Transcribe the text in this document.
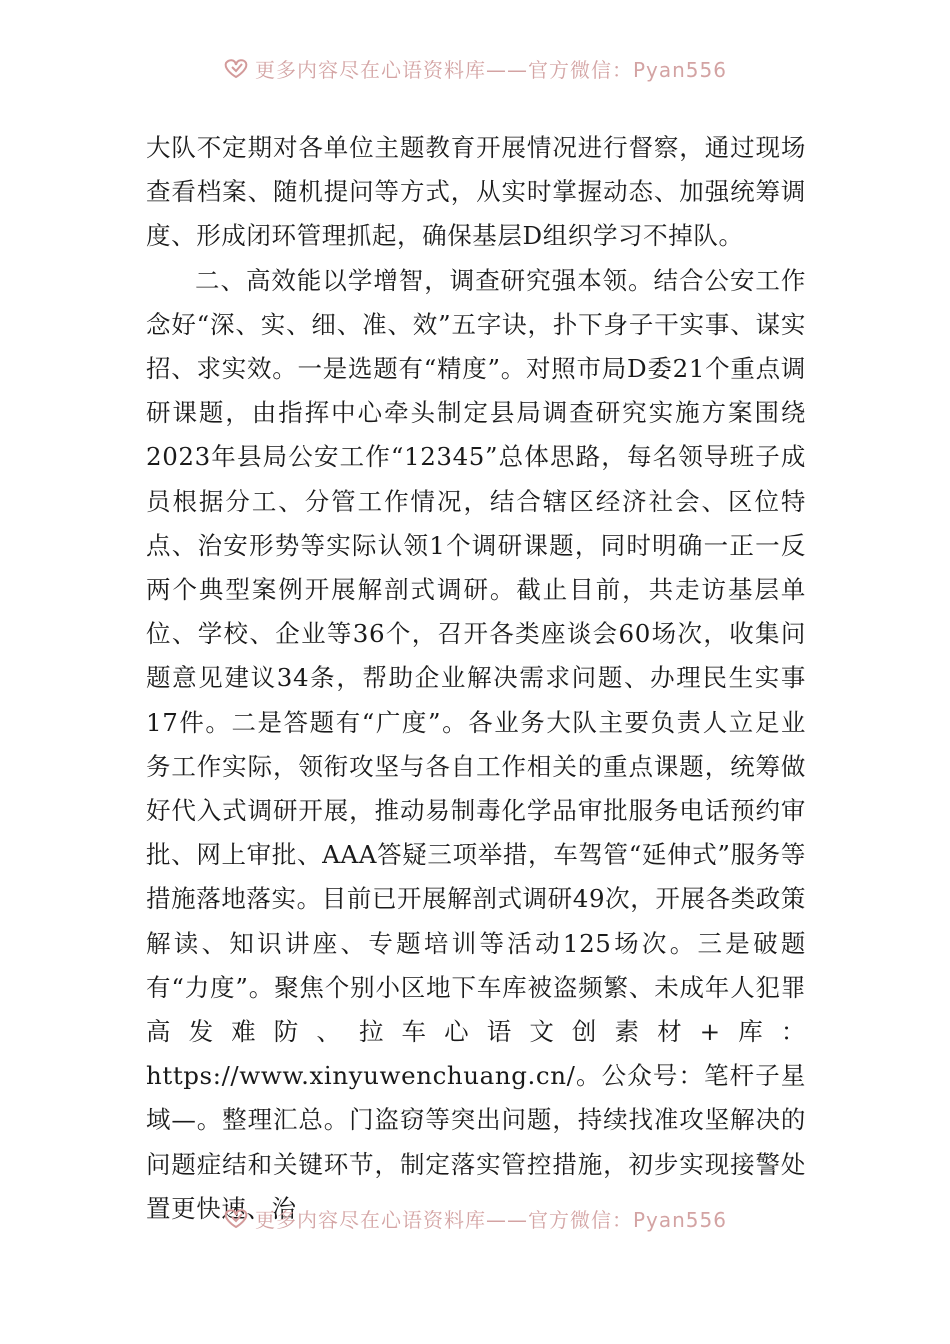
更多内容尽在心语资料库——官方微信：Pyan556

大队不定期对各单位主题教育开展情况进行督察，通过现场查看档案、随机提问等方式，从实时掌握动态、加强统筹调度、形成闭环管理抓起，确保基层D组织学习不掉队。

二、高效能以学增智，调查研究强本领。结合公安工作念好“深、实、细、准、效”五字诀，扑下身子干实事、谋实招、求实效。一是选题有“精度”。对照市局D委21个重点调研课题，由指挥中心牵头制定县局调查研究实施方案围绕2023年县局公安工作“12345”总体思路，每名领导班子成员根据分工、分管工作情况，结合辖区经济社会、区位特点、治安形势等实际认领1个调研课题，同时明确一正一反两个典型案例开展解剖式调研。截止目前，共走访基层单位、学校、企业等36个，召开各类座谈会60场次，收集问题意见建议34条，帮助企业解决需求问题、办理民生实事17件。二是答题有“广度”。各业务大队主要负责人立足业务工作实际，领衔攻坚与各自工作相关的重点课题，统筹做好代入式调研开展，推动易制毒化学品审批服务电话预约审批、网上审批、AAA答疑三项举措，车驾管“延伸式”服务等措施落地落实。目前已开展解剖式调研49次，开展各类政策解读、知识讲座、专题培训等活动125场次。三是破题有“力度”。聚焦个别小区地下车库被盗频繁、未成年人犯罪高发难防、拉车心语文创素材+库：https://www.xinyuwenchuang.cn/。公众号：笔杆子星域—。整理汇总。门盗窃等突出问题，持续找准攻坚解决的问题症结和关键环节，制定落实管控措施，初步实现接警处置更快速、治

更多内容尽在心语资料库——官方微信：Pyan556
